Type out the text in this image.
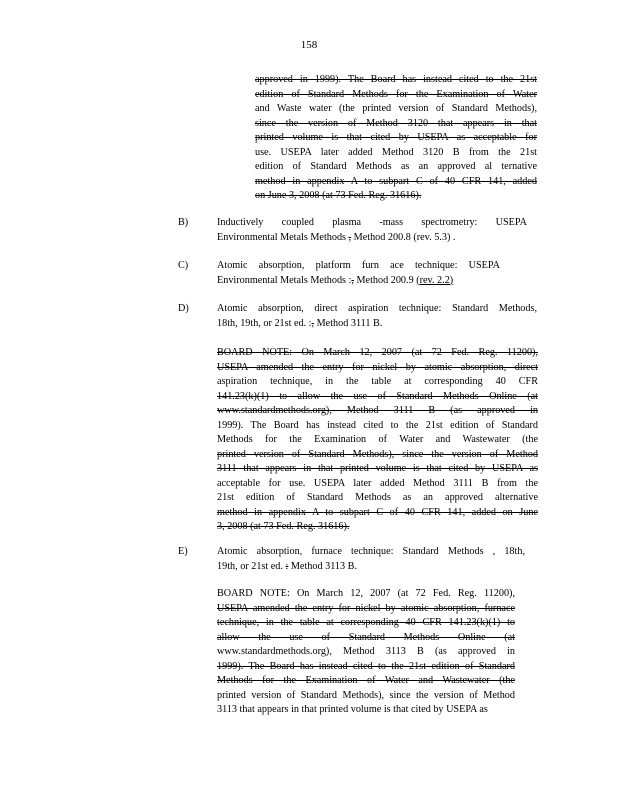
158
approved in 1999). The Board has instead cited to the 21st
edition of Standard Methods for the Examination of Water
and Waste water (the printed version of Standard Methods),
since the version of Method 3120 that appears in that
printed volume is that cited by USEPA as acceptable for
use. USEPA later added Method 3120 B from the 21st
edition of Standard Methods as an approved al ternative
method in appendix A to subpart C of 40 CFR 141, added
on June 3, 2008 (at 73 Fed. Reg. 31616).
B)	Inductively coupled plasma -mass spectrometry: USEPA
Environmental Metals Methods , Method 200.8 (rev. 5.3) .
C)	Atomic absorption, platform furn ace technique: USEPA
Environmental Metals Methods :, Method 200.9 (rev. 2.2)
D)	Atomic absorption, direct aspiration technique: Standard Methods,
18th, 19th, or 21st ed. :, Method 3111 B.
BOARD NOTE: On March 12, 2007 (at 72 Fed. Reg. 11200),
USEPA amended the entry for nickel by atomic absorption, direct
aspiration technique, in the table at corresponding 40 CFR
141.23(k)(1) to allow the use of Standard Methods Online (at
www.standardmethods.org), Method 3111 B (as approved in
1999). The Board has instead cited to the 21st edition of Standard
Methods for the Examination of Water and Wastewater (the
printed version of Standard Methods), since the version of Method
3111 that appears in that printed volume is that cited by USEPA as
acceptable for use. USEPA later added Method 3111 B from the
21st edition of Standard Methods as an approved alternative
method in appendix A to subpart C of 40 CFR 141, added on June
3, 2008 (at 73 Fed. Reg. 31616).
E)	Atomic absorption, furnace technique: Standard Methods , 18th,
19th, or 21st ed. : Method 3113 B.
BOARD NOTE: On March 12, 2007 (at 72 Fed. Reg. 11200),
USEPA amended the entry for nickel by atomic absorption, furnace
technique, in the table at corresponding 40 CFR 141.23(k)(1) to
allow the use of Standard Methods Online (at
www.standardmethods.org), Method 3113 B (as approved in
1999). The Board has instead cited to the 21st edition of Standard
Methods for the Examination of Water and Wastewater (the
printed version of Standard Methods), since the version of Method
3113 that appears in that printed volume is that cited by USEPA as
